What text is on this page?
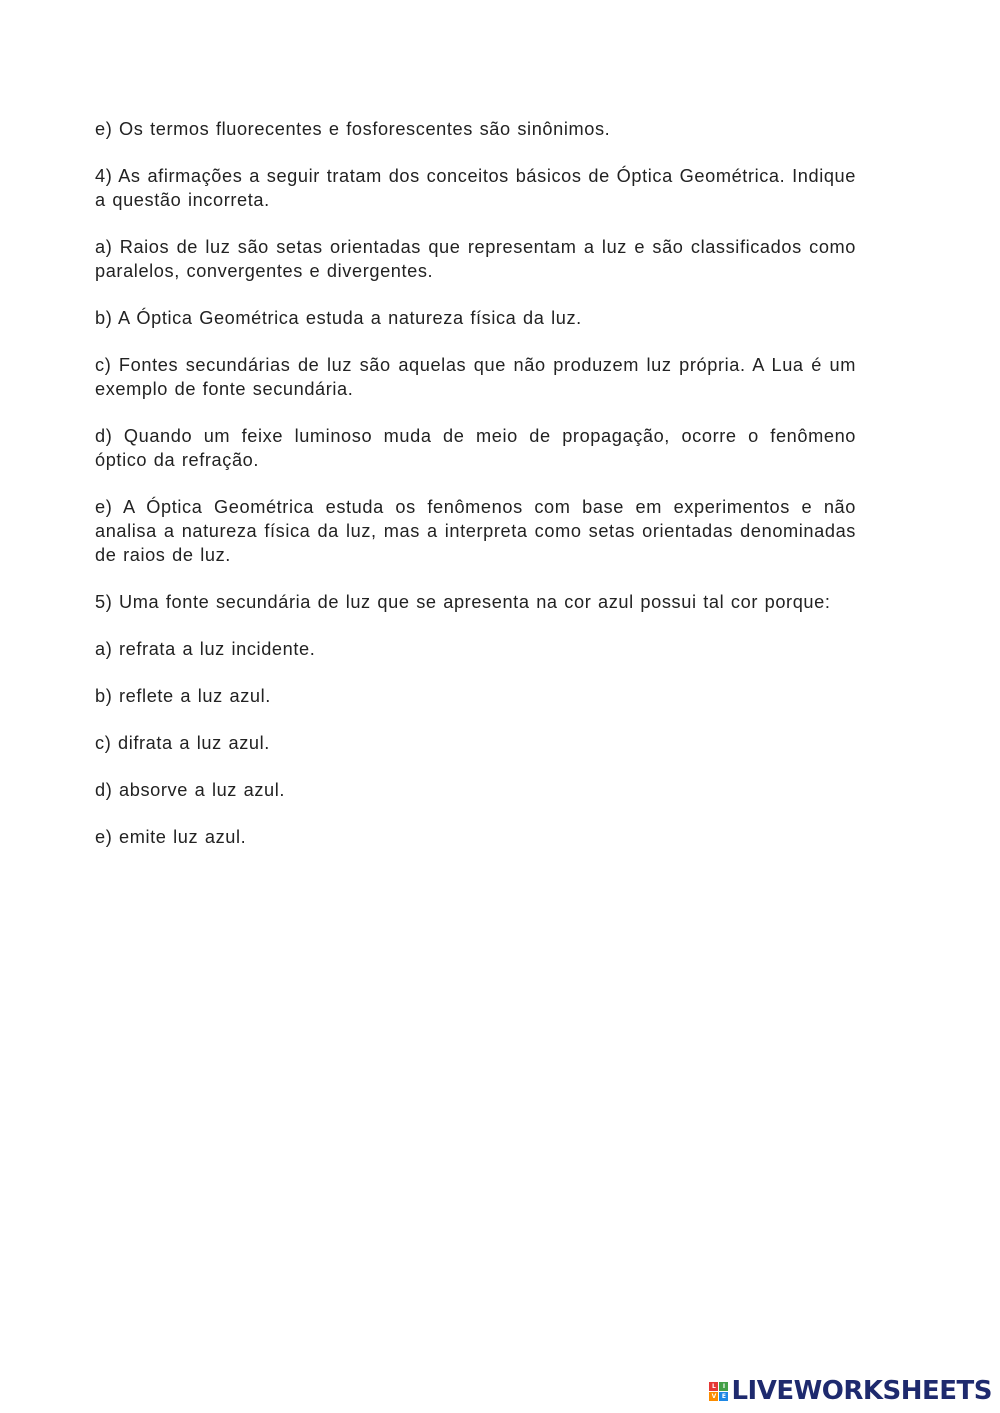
e) Os termos fluorecentes e fosforescentes são sinônimos.

4) As afirmações a seguir tratam dos conceitos básicos de Óptica Geométrica. Indique a questão incorreta.

a) Raios de luz são setas orientadas que representam a luz e são classificados como paralelos, convergentes e divergentes.

b) A Óptica Geométrica estuda a natureza física da luz.

c) Fontes secundárias de luz são aquelas que não produzem luz própria. A Lua é um exemplo de fonte secundária.

d) Quando um feixe luminoso muda de meio de propagação, ocorre o fenômeno óptico da refração.

e) A Óptica Geométrica estuda os fenômenos com base em experimentos e não analisa a natureza física da luz, mas a interpreta como setas orientadas denominadas de raios de luz.

5) Uma fonte secundária de luz que se apresenta na cor azul possui tal cor porque:

a) refrata a luz incidente.

b) reflete a luz azul.

c) difrata a luz azul.

d) absorve a luz azul.

e) emite luz azul.

L	I
V E LIVEWORKSHEETS
